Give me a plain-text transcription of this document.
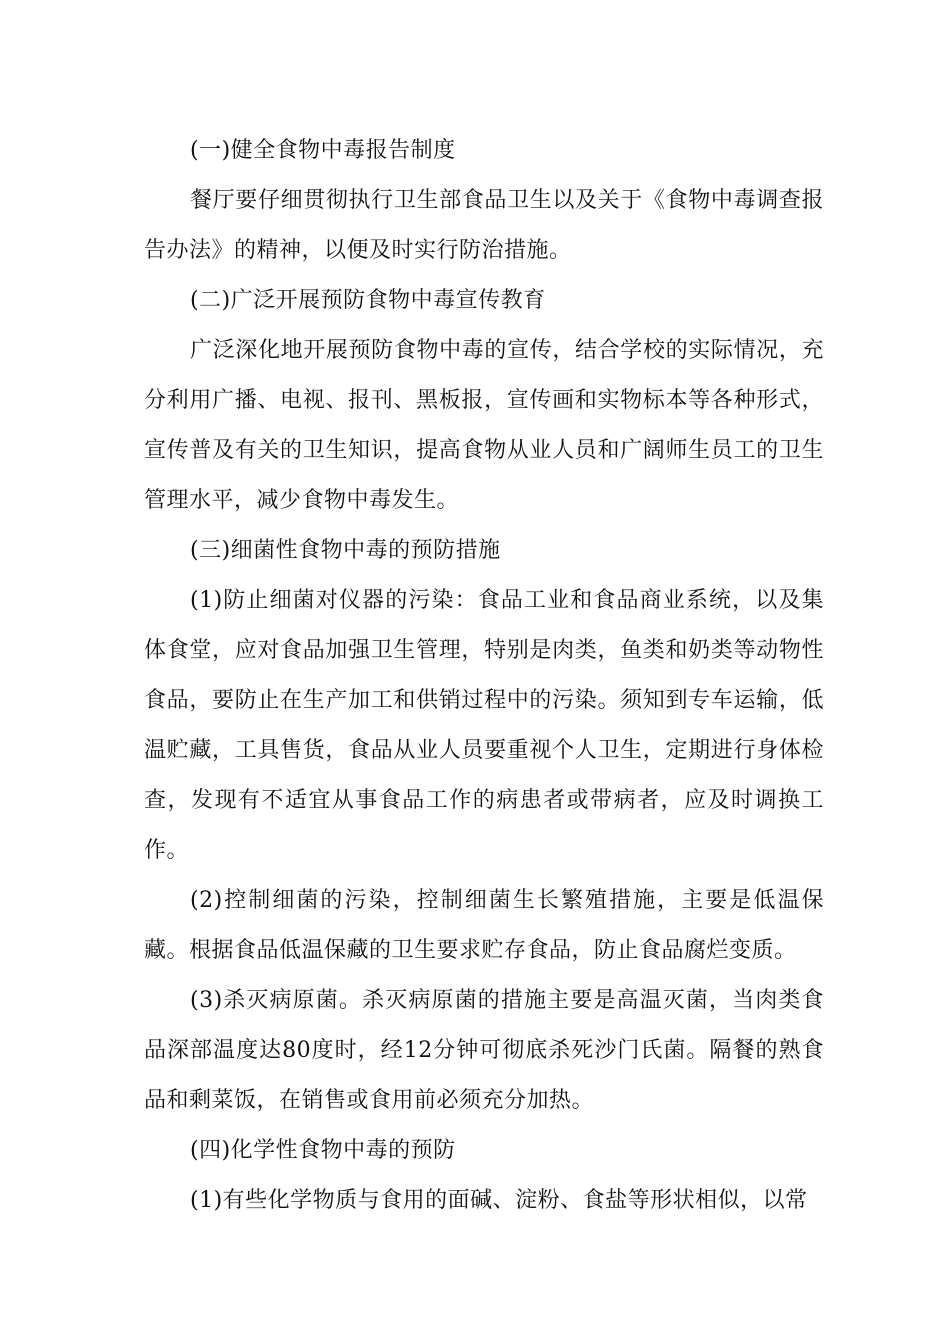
(一)健全食物中毒报告制度

餐厅要仔细贯彻执行卫生部食品卫生以及关于《食物中毒调查报告办法》的精神，以便及时实行防治措施。

(二)广泛开展预防食物中毒宣传教育

广泛深化地开展预防食物中毒的宣传，结合学校的实际情况，充分利用广播、电视、报刊、黑板报，宣传画和实物标本等各种形式，宣传普及有关的卫生知识，提高食物从业人员和广阔师生员工的卫生管理水平，减少食物中毒发生。

(三)细菌性食物中毒的预防措施

(1)防止细菌对仪器的污染：食品工业和食品商业系统，以及集体食堂，应对食品加强卫生管理，特别是肉类，鱼类和奶类等动物性食品，要防止在生产加工和供销过程中的污染。须知到专车运输，低温贮藏，工具售货，食品从业人员要重视个人卫生，定期进行身体检查，发现有不适宜从事食品工作的病患者或带病者，应及时调换工作。

(2)控制细菌的污染，控制细菌生长繁殖措施，主要是低温保藏。根据食品低温保藏的卫生要求贮存食品，防止食品腐烂变质。

(3)杀灭病原菌。杀灭病原菌的措施主要是高温灭菌，当肉类食品深部温度达80度时，经12分钟可彻底杀死沙门氏菌。隔餐的熟食品和剩菜饭，在销售或食用前必须充分加热。

(四)化学性食物中毒的预防

(1)有些化学物质与食用的面碱、淀粉、食盐等形状相似，以常
